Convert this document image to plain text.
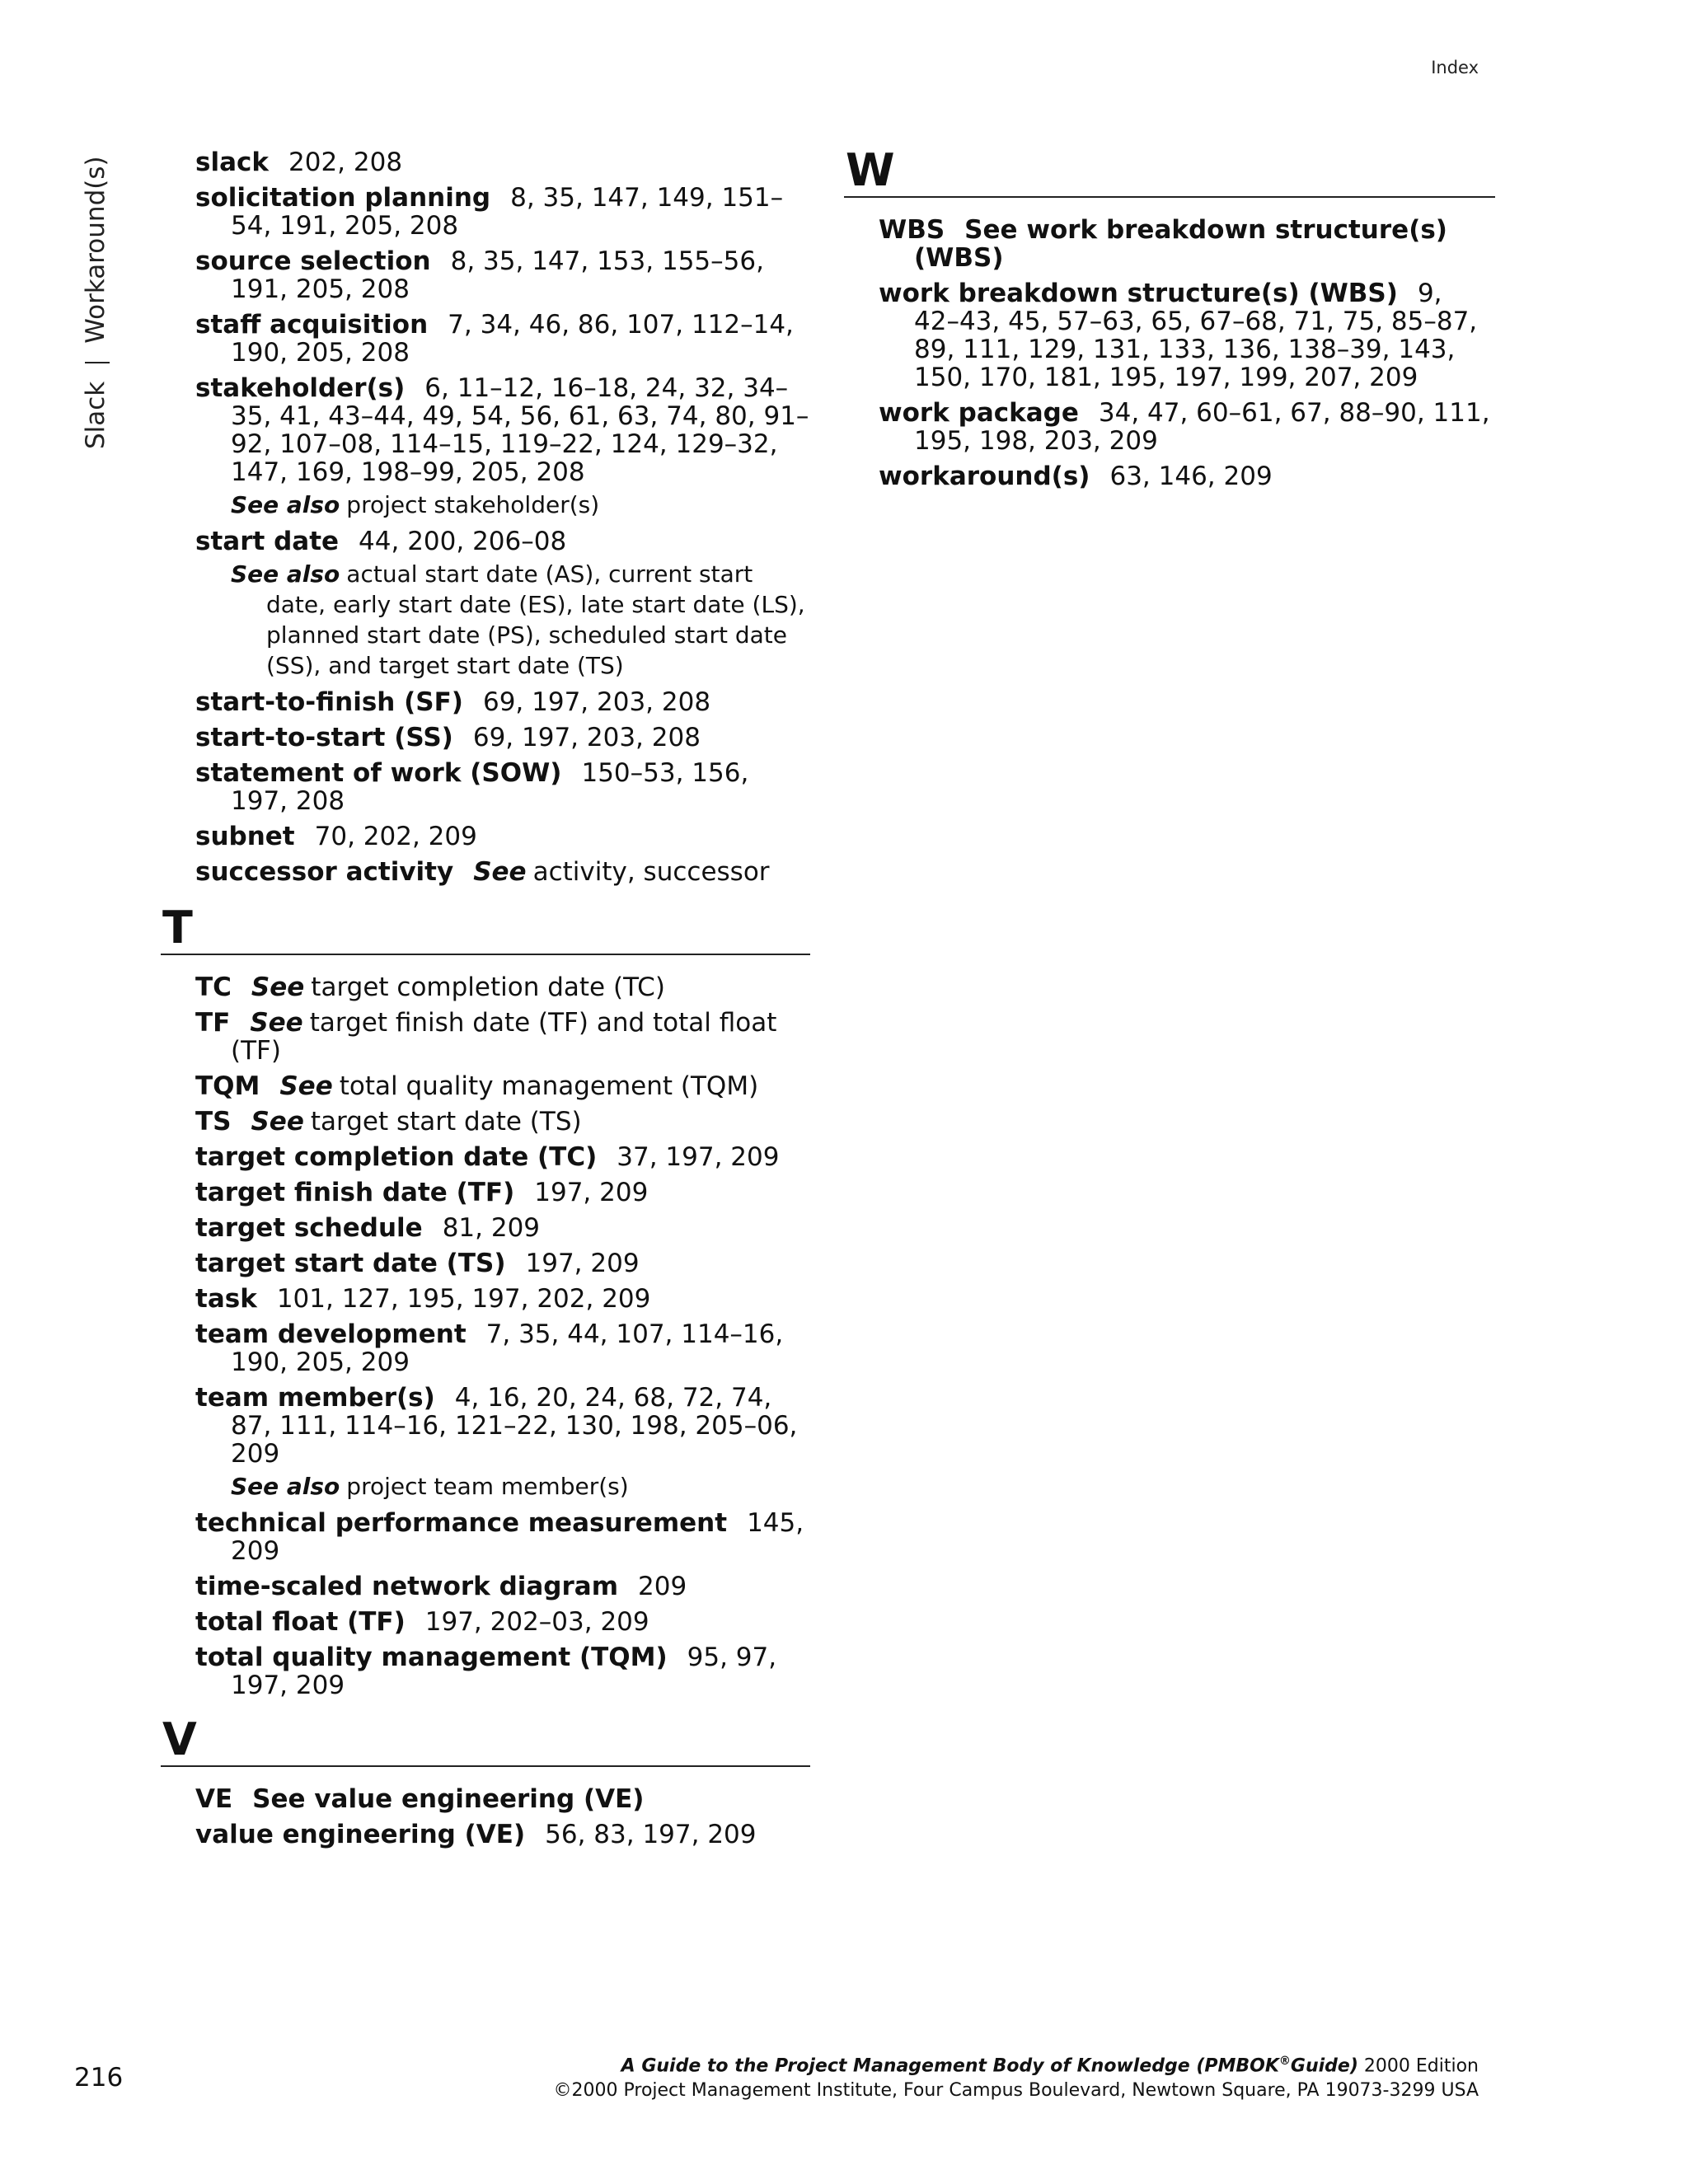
Index
SlackWorkaround(s)	slack 202, 208
solicitation planning 8, 35, 147, 149, 151–54, 191, 205, 208
source selection 8, 35, 147, 153, 155–56, 191, 205, 208
staff acquisition 7, 34, 46, 86, 107, 112–14, 190, 205, 208
stakeholder(s) 6, 11–12, 16–18, 24, 32, 34–35, 41, 43–44, 49, 54, 56, 61, 63, 74, 80, 91–92, 107–08, 114–15, 119–22, 124, 129–32, 147, 169, 198–99, 205, 208
See also project stakeholder(s)
start date 44, 200, 206–08
See also actual start date (AS), current start date, early start date (ES), late start date (LS), planned start date (PS), scheduled start date (SS), and target start date (TS)
start-to-finish (SF) 69, 197, 203, 208
start-to-start (SS) 69, 197, 203, 208
statement of work (SOW) 150–53, 156, 197, 208
subnet 70, 202, 209
successor activity See activity, successor
T
TC See target completion date (TC)
TF See target finish date (TF) and total float (TF)
TQM See total quality management (TQM)
TS See target start date (TS)
target completion date (TC) 37, 197, 209
target finish date (TF) 197, 209
target schedule 81, 209
target start date (TS) 197, 209
task 101, 127, 195, 197, 202, 209
team development 7, 35, 44, 107, 114–16, 190, 205, 209
team member(s) 4, 16, 20, 24, 68, 72, 74, 87, 111, 114–16, 121–22, 130, 198, 205–06, 209
See also project team member(s)
technical performance measurement 145, 209
time-scaled network diagram 209
total float (TF) 197, 202–03, 209
total quality management (TQM) 95, 97, 197, 209
V
VE See value engineering (VE)
value engineering (VE) 56, 83, 197, 209
W
WBS See work breakdown structure(s) (WBS)
work breakdown structure(s) (WBS) 9, 42–43, 45, 57–63, 65, 67–68, 71, 75, 85–87, 89, 111, 129, 131, 133, 136, 138–39, 143, 150, 170, 181, 195, 197, 199, 207, 209
work package 34, 47, 60–61, 67, 88–90, 111, 195, 198, 203, 209
workaround(s) 63, 146, 209
216	A Guide to the Project Management Body of Knowledge (PMBOK®Guide) 2000 Edition
©2000 Project Management Institute, Four Campus Boulevard, Newtown Square, PA 19073-3299 USA
